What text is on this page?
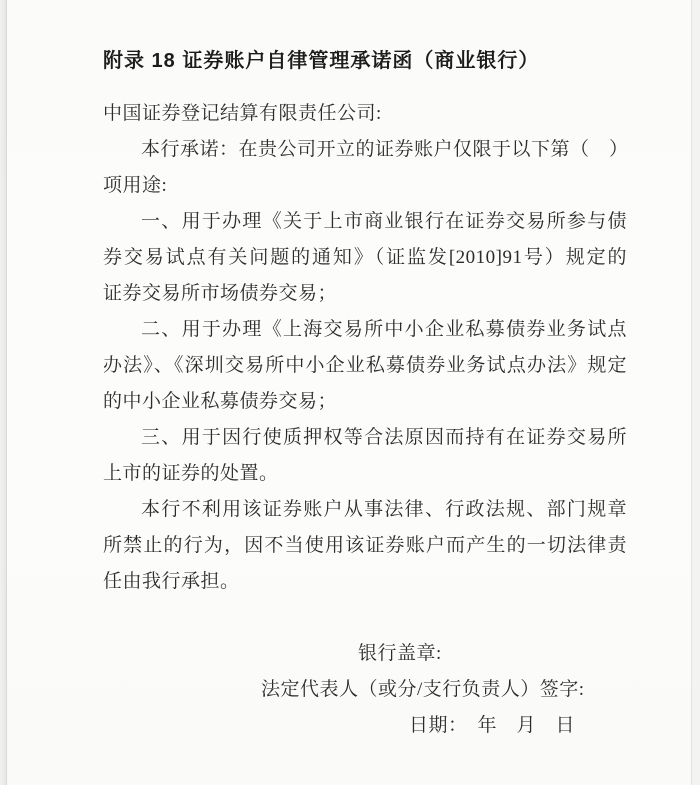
附录 18 证券账户自律管理承诺函（商业银行）
中国证券登记结算有限责任公司:
本行承诺：在贵公司开立的证券账户仅限于以下第（　）
项用途:
一、用于办理《关于上市商业银行在证券交易所参与债
券交易试点有关问题的通知》（证监发[2010]91号）规定的
证券交易所市场债券交易；
二、用于办理《上海交易所中小企业私募债券业务试点
办法》、《深圳交易所中小企业私募债券业务试点办法》规定
的中小企业私募债券交易；
三、用于因行使质押权等合法原因而持有在证券交易所
上市的证券的处置。
本行不利用该证券账户从事法律、行政法规、部门规章
所禁止的行为，因不当使用该证券账户而产生的一切法律责
任由我行承担。
银行盖章:
法定代表人（或分/支行负责人）签字:
日期：　年　月　日
